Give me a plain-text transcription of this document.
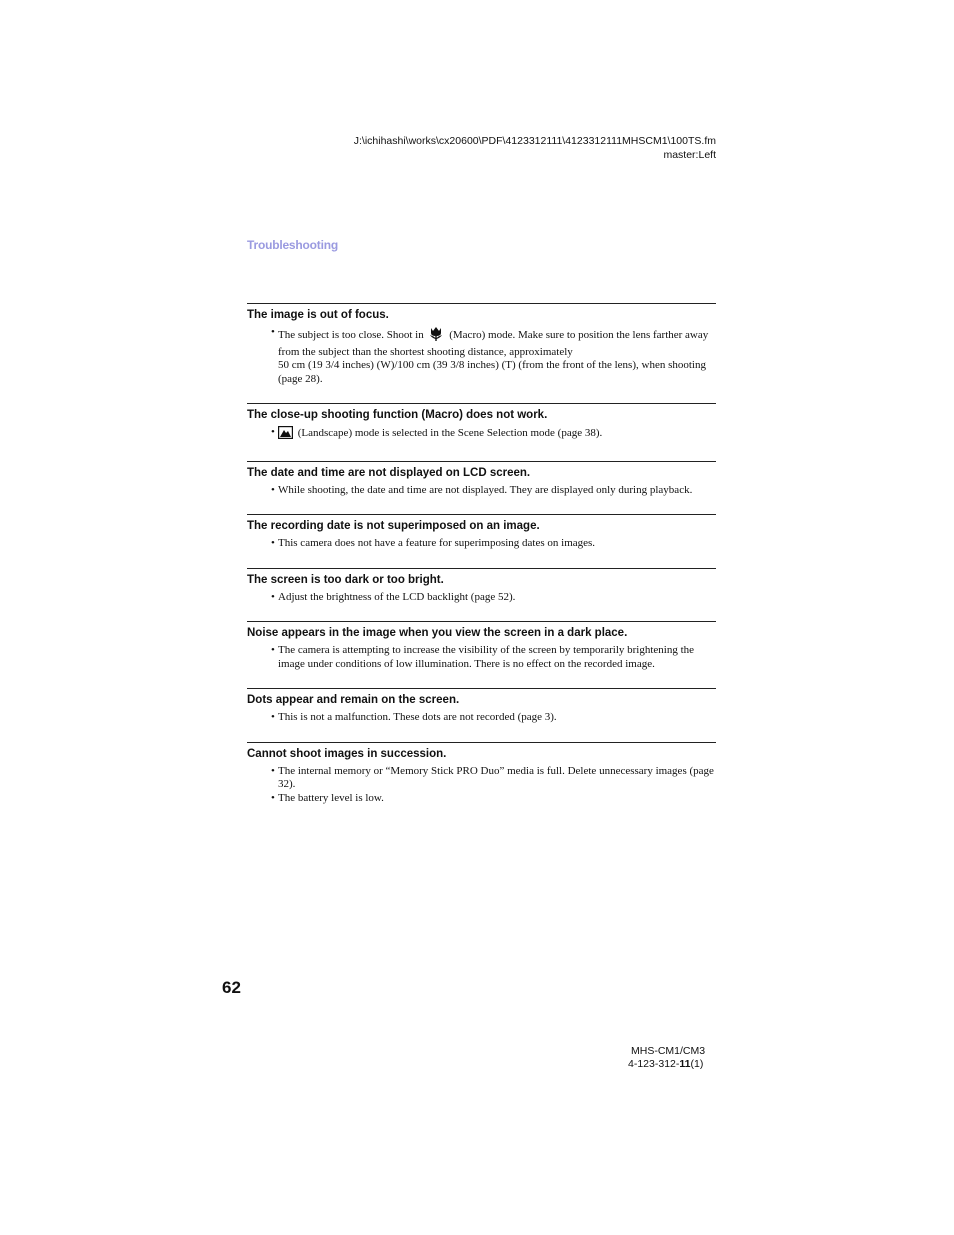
J:\ichihashi\works\cx20600\PDF\4123312111\4123312111MHSCM1\100TS.fm
master:Left
Troubleshooting
The image is out of focus.
• The subject is too close. Shoot in (Macro) mode. Make sure to position the lens farther away from the subject than the shortest shooting distance, approximately
50 cm (19 3/4 inches) (W)/100 cm (39 3/8 inches) (T) (from the front of the lens), when shooting (page 28).
The close-up shooting function (Macro) does not work.
• (Landscape) mode is selected in the Scene Selection mode (page 38).
The date and time are not displayed on LCD screen.
• While shooting, the date and time are not displayed. They are displayed only during playback.
The recording date is not superimposed on an image.
• This camera does not have a feature for superimposing dates on images.
The screen is too dark or too bright.
• Adjust the brightness of the LCD backlight (page 52).
Noise appears in the image when you view the screen in a dark place.
• The camera is attempting to increase the visibility of the screen by temporarily brightening the image under conditions of low illumination. There is no effect on the recorded image.
Dots appear and remain on the screen.
• This is not a malfunction. These dots are not recorded (page 3).
Cannot shoot images in succession.
• The internal memory or “Memory Stick PRO Duo” media is full. Delete unnecessary images (page 32).
• The battery level is low.
62
MHS-CM1/CM3
4-123-312-11(1)
